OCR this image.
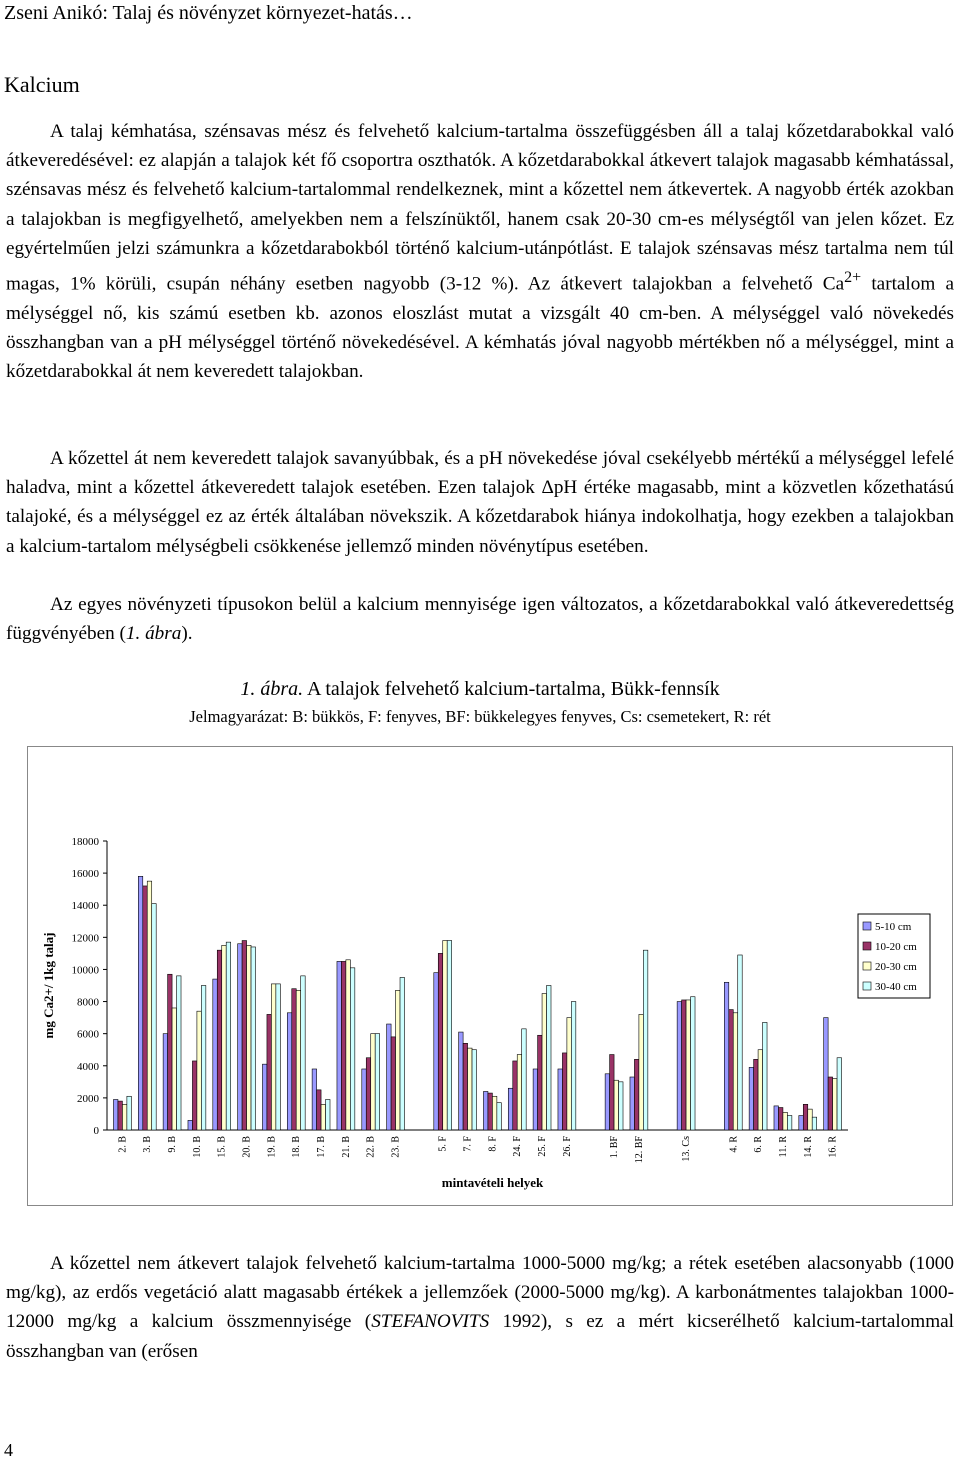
Zseni Anikó: Talaj és növényzet környezet-hatás…
Kalcium

A talaj kémhatása, szénsavas mész és felvehető kalcium-tartalma összefüggésben áll a talaj kőzetdarabokkal való átkeveredésével: ez alapján a talajok két fő csoportra oszthatók. A kőzetdarabokkal átkevert talajok magasabb kémhatással, szénsavas mész és felvehető kalcium-tartalommal rendelkeznek, mint a kőzettel nem átkevertek. A nagyobb érték azokban a talajokban is megfigyelhető, amelyekben nem a felszínüktől, hanem csak 20-30 cm-es mélységtől van jelen kőzet. Ez egyértelműen jelzi számunkra a kőzetdarabokból történő kalcium-utánpótlást. E talajok szénsavas mész tartalma nem túl magas, 1% körüli, csupán néhány esetben nagyobb (3-12 %). Az átkevert talajokban a felvehető $Ca^{2+}$ tartalom a mélységgel nő, kis számú esetben kb. azonos eloszlást mutat a vizsgált 40 cm-ben. A mélységgel való növekedés összhangban van a pH mélységgel történő növekedésével. A kémhatás jóval nagyobb mértékben nő a mélységgel, mint a kőzetdarabokkal át nem keveredett talajokban.

A kőzettel át nem keveredett talajok savanyúbbak, és a pH növekedése jóval csekélyebb mértékű a mélységgel lefelé haladva, mint a kőzettel átkeveredett talajok esetében. Ezen talajok ΔpH értéke magasabb, mint a közvetlen kőzethatású talajoké, és a mélységgel ez az érték általában növekszik. A kőzetdarabok hiánya indokolhatja, hogy ezekben a talajokban a kalcium-tartalom mélységbeli csökkenése jellemző minden növénytípus esetében.

Az egyes növényzeti típusokon belül a kalcium mennyisége igen változatos, a kőzetdarabokkal való átkeveredettség függvényében (1. ábra).

1. ábra. A talajok felvehető kalcium-tartalma, Bükk-fennsík

Jelmagyarázat: B: bükkös, F: fenyves, BF: bükkelegyes fenyves, Cs: csemetekert, R: rét

0
2000
4000
6000
8000
10000
12000
14000
16000
18000
mg Ca2+/ 1kg talaj
2. B 3. B 9. B 10. B 15. B 20. B 19. B 18. B 17. B 21. B 22. B 23. B	5. F 7. F 8. F 24. F 25. F 26. F	1. BF 12. BF	13. Cs	4. R 6. R 11. R 14. R 16. R
mintavételi helyek
5-10 cm
10-20 cm
20-30 cm
30-40 cm

A kőzettel nem átkevert talajok felvehető kalcium-tartalma 1000-5000 mg/kg; a rétek esetében alacsonyabb (1000 mg/kg), az erdős vegetáció alatt magasabb értékek a jellemzőek (2000-5000 mg/kg). A karbonátmentes talajokban 1000-12000 mg/kg a kalcium összmennyisége (STEFANOVITS 1992), s ez a mért kicserélhető kalcium-tartalommal összhangban van (erősen

4
